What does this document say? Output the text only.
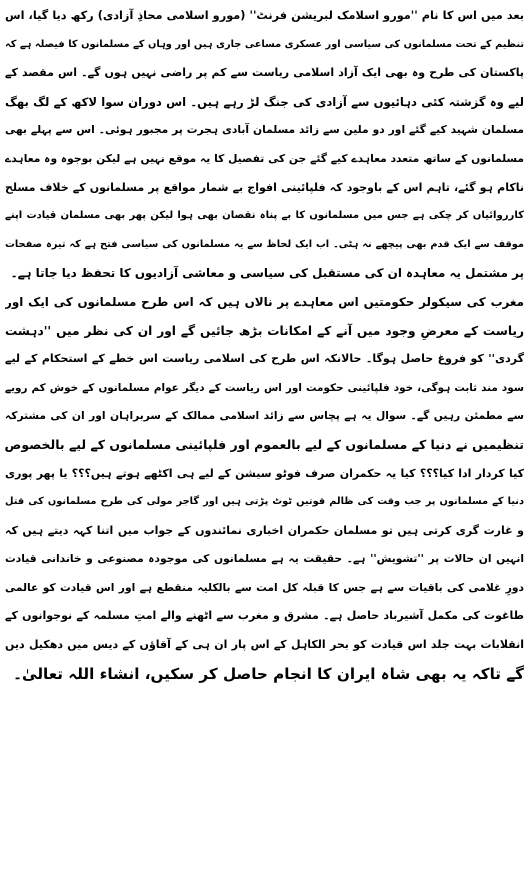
بعد میں اس کا نام ''مورو اسلامک لبریشن فرنٹ'' (مورو اسلامی محاذِ آزادی) رکھ دیا گیا، اس
تنظیم کے تحت مسلمانوں کی سیاسی اور عسکری مساعی جاری ہیں اور وہاں کے مسلمانوں کا فیصلہ ہے کہ
پاکستان کی طرح وہ بھی ایک آزاد اسلامی ریاست سے کم پر راضی نہیں ہوں گے۔ اس مقصد کے
لیے وہ گزشتہ کئی دہائیوں سے آزادی کی جنگ لڑ رہے ہیں۔ اس دوران سوا لاکھ کے لگ بھگ
مسلمان شہید کیے گئے اور دو ملین سے زائد مسلمان آبادی ہجرت پر مجبور ہوئی۔ اس سے پہلے بھی
مسلمانوں کے ساتھ متعدد معاہدے کیے گئے جن کی تفصیل کا یہ موقع نہیں ہے لیکن بوجوہ وہ معاہدے
ناکام ہو گئے، تاہم اس کے باوجود کہ فلپائینی افواج بے شمار مواقع پر مسلمانوں کے خلاف مسلح
کارروائیاں کر چکی ہے جس میں مسلمانوں کا بے پناہ نقصان بھی ہوا لیکن پھر بھی مسلمان قیادت اپنے
موقف سے ایک قدم بھی پیچھے نہ ہٹی۔ اب ایک لحاظ سے یہ مسلمانوں کی سیاسی فتح ہے کہ تیرہ صفحات
پر مشتمل یہ معاہدہ ان کی مستقبل کی سیاسی و معاشی آزادیوں کا تحفظ دیا جاتا ہے۔
مغرب کی سیکولر حکومتیں اس معاہدے پر نالاں ہیں کہ اس طرح مسلمانوں کی ایک اور
ریاست کے معرضِ وجود میں آنے کے امکانات بڑھ جائیں گے اور ان کی نظر میں ''دہشت
گردی'' کو فروغ حاصل ہوگا۔ حالانکہ اس طرح کی اسلامی ریاست اس خطے کے استحکام کے لیے
سود مند ثابت ہوگی، خود فلپائینی حکومت اور اس ریاست کے دیگر عوام مسلمانوں کے خوش کم رویے
سے مطمئن رہیں گے۔ سوال یہ ہے پچاس سے زائد اسلامی ممالک کے سربراہان اور ان کی مشترکہ
تنظیمیں نے دنیا کے مسلمانوں کے لیے بالعموم اور فلپائینی مسلمانوں کے لیے بالخصوص
کیا کردار ادا کیا؟؟؟ کیا یہ حکمران صرف فوٹو سیشن کے لیے ہی اکٹھے ہوتے ہیں؟؟؟ یا پھر پوری
دنیا کے مسلمانوں پر جب وقت کی ظالم قوتیں ٹوٹ پڑتی ہیں اور گاجر مولی کی طرح مسلمانوں کی قتل
و غارت گری کرتی ہیں تو مسلمان حکمران اخباری نمائندوں کے جواب میں اتنا کہہ دیتے ہیں کہ
انہیں ان حالات پر ''تشویش'' ہے۔ حقیقت یہ ہے مسلمانوں کی موجودہ مصنوعی و خاندانی قیادت
دورِ غلامی کی باقیات سے ہے جس کا قبلہ کل امت سے بالکلیہ منقطع ہے اور اس قیادت کو عالمی
طاغوت کی مکمل آشیرباد حاصل ہے۔ مشرق و مغرب سے اٹھنے والے امتِ مسلمہ کے نوجوانوں کے
انقلابات بہت جلد اس قیادت کو بحر الکاہل کے اس پار ان ہی کے آقاؤں کے دیس میں دھکیل دیں
گے تاکہ یہ بھی شاہ ایران کا انجام حاصل کر سکیں، انشاء اللہ تعالیٰ۔
